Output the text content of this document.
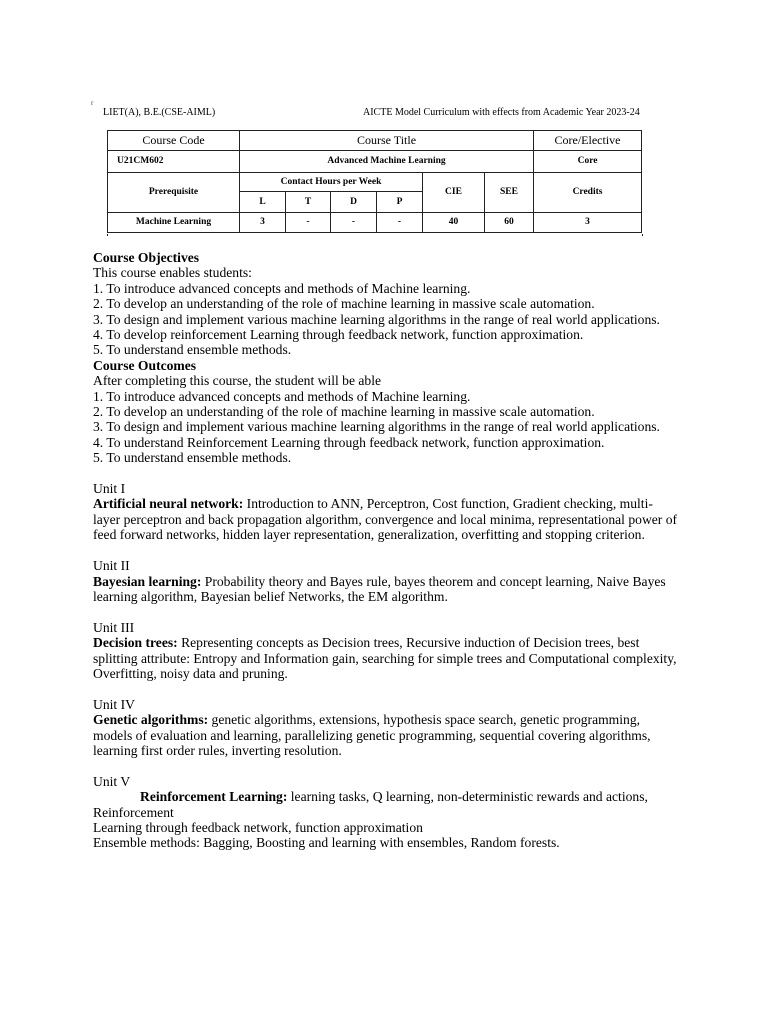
r
LIET(A), B.E.(CSE-AIML)	AICTE Model Curriculum with effects from Academic Year 2023-24
Course Code	Course Title						Core/Elective
U21CM602	Advanced Machine Learning						Core
Prerequisite	Contact Hours per Week				CIE	SEE	Credits
	L	T	D	P			
Machine Learning	3	-	-	-	40	60	3

Course Objectives

This course enables students:

1. To introduce advanced concepts and methods of Machine learning.

2. To develop an understanding of the role of machine learning in massive scale automation.

3. To design and implement various machine learning algorithms in the range of real world applications.

4. To develop reinforcement Learning through feedback network, function approximation.

5. To understand ensemble methods.

Course Outcomes

After completing this course, the student will be able

1. To introduce advanced concepts and methods of Machine learning.

2. To develop an understanding of the role of machine learning in massive scale automation.

3. To design and implement various machine learning algorithms in the range of real world applications.

4. To understand Reinforcement Learning through feedback network, function approximation.

5. To understand ensemble methods.

Unit I

Artificial neural network: Introduction to ANN, Perceptron, Cost function, Gradient checking, multi-layer perceptron and back propagation algorithm, convergence and local minima, representational power of feed forward networks, hidden layer representation, generalization, overfitting and stopping criterion.

Unit II

Bayesian learning: Probability theory and Bayes rule, bayes theorem and concept learning, Naive Bayes learning algorithm, Bayesian belief Networks, the EM algorithm.

Unit III

Decision trees: Representing concepts as Decision trees, Recursive induction of Decision trees, best splitting attribute: Entropy and Information gain, searching for simple trees and Computational complexity, Overfitting, noisy data and pruning.

Unit IV

Genetic algorithms: genetic algorithms, extensions, hypothesis space search, genetic programming, models of evaluation and learning, parallelizing genetic programming, sequential covering algorithms, learning first order rules, inverting resolution.

Unit V

Reinforcement Learning: learning tasks, Q learning, non-deterministic rewards and actions, Reinforcement

Learning through feedback network, function approximation

Ensemble methods: Bagging, Boosting and learning with ensembles, Random forests.
